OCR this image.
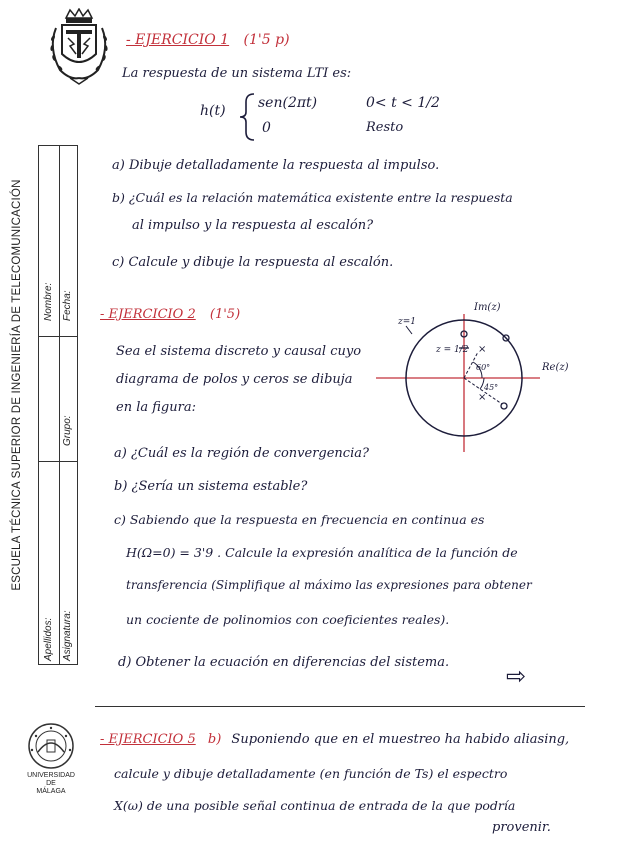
ESCUELA TÉCNICA SUPERIOR DE INGENIERÍA DE TELECOMUNICACIÓN
Apellidos: Asignatura:
Grupo:
Nombre: Fecha:
UNIVERSIDAD
DE
MÁLAGA
- EJERCICIO 1 (1'5 p)
La respuesta de un sistema LTI es:
h(t) sen(2πt)	0< t < 1/2
0	Resto
a) Dibuje detalladamente la respuesta al impulso.
b) ¿Cuál es la relación matemática existente entre la respuesta
al impulso y la respuesta al escalón?
c) Calcule y dibuje la respuesta al escalón.
- EJERCICIO 2 (1'5)
Sea el sistema discreto y causal cuyo
diagrama de polos y ceros se dibuja
en la figura:
×
×
Im(z)
Re(z)
z=1
z = 1/2
60°
45°
a) ¿Cuál es la región de convergencia?
b) ¿Sería un sistema estable?
c) Sabiendo que la respuesta en frecuencia en continua es
H(Ω=0) = 3'9 . Calcule la expresión analítica de la función de
transferencia (Simplifique al máximo las expresiones para obtener
un cociente de polinomios con coeficientes reales).
d) Obtener la ecuación en diferencias del sistema. ⇨
- EJERCICIO 5 b) Suponiendo que en el muestreo ha habido aliasing,
calcule y dibuje detalladamente (en función de Ts) el espectro
X(ω) de una posible señal continua de entrada de la que podría
provenir.
